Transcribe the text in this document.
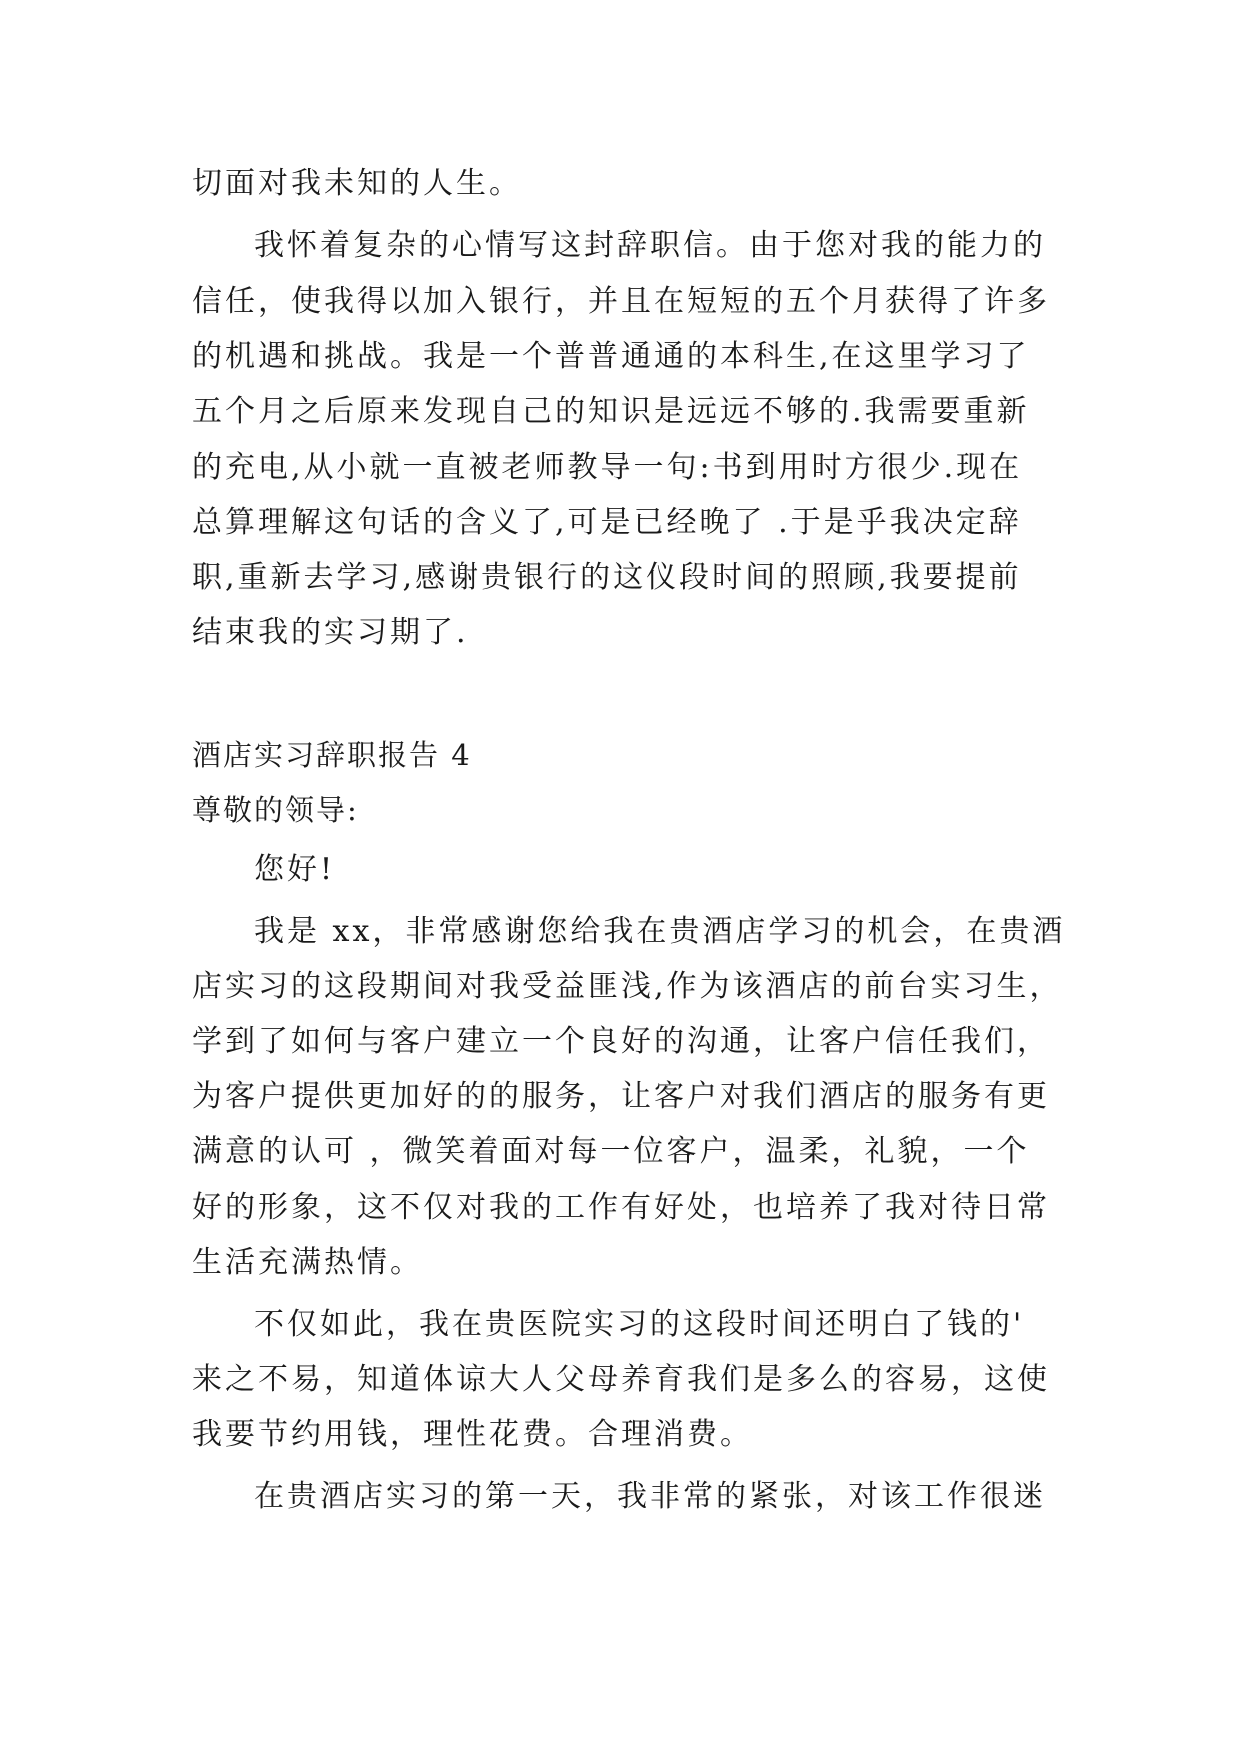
切面对我未知的人生。
我怀着复杂的心情写这封辞职信。由于您对我的能力的
信任，使我得以加入银行，并且在短短的五个月获得了许多
的机遇和挑战。我是一个普普通通的本科生,在这里学习了
五个月之后原来发现自己的知识是远远不够的.我需要重新
的充电,从小就一直被老师教导一句:书到用时方很少.现在
总算理解这句话的含义了,可是已经晚了 .于是乎我决定辞
职,重新去学习,感谢贵银行的这仪段时间的照顾,我要提前
结束我的实习期了.
酒店实习辞职报告 4
尊敬的领导:
您好!
我是 xx，非常感谢您给我在贵酒店学习的机会，在贵酒
店实习的这段期间对我受益匪浅,作为该酒店的前台实习生，
学到了如何与客户建立一个良好的沟通，让客户信任我们，
为客户提供更加好的的服务，让客户对我们酒店的服务有更
满意的认可 ，微笑着面对每一位客户，温柔，礼貌，一个
好的形象，这不仅对我的工作有好处，也培养了我对待日常
生活充满热情。
不仅如此，我在贵医院实习的这段时间还明白了钱的'
来之不易，知道体谅大人父母养育我们是多么的容易，这使
我要节约用钱，理性花费。合理消费。
在贵酒店实习的第一天，我非常的紧张，对该工作很迷
